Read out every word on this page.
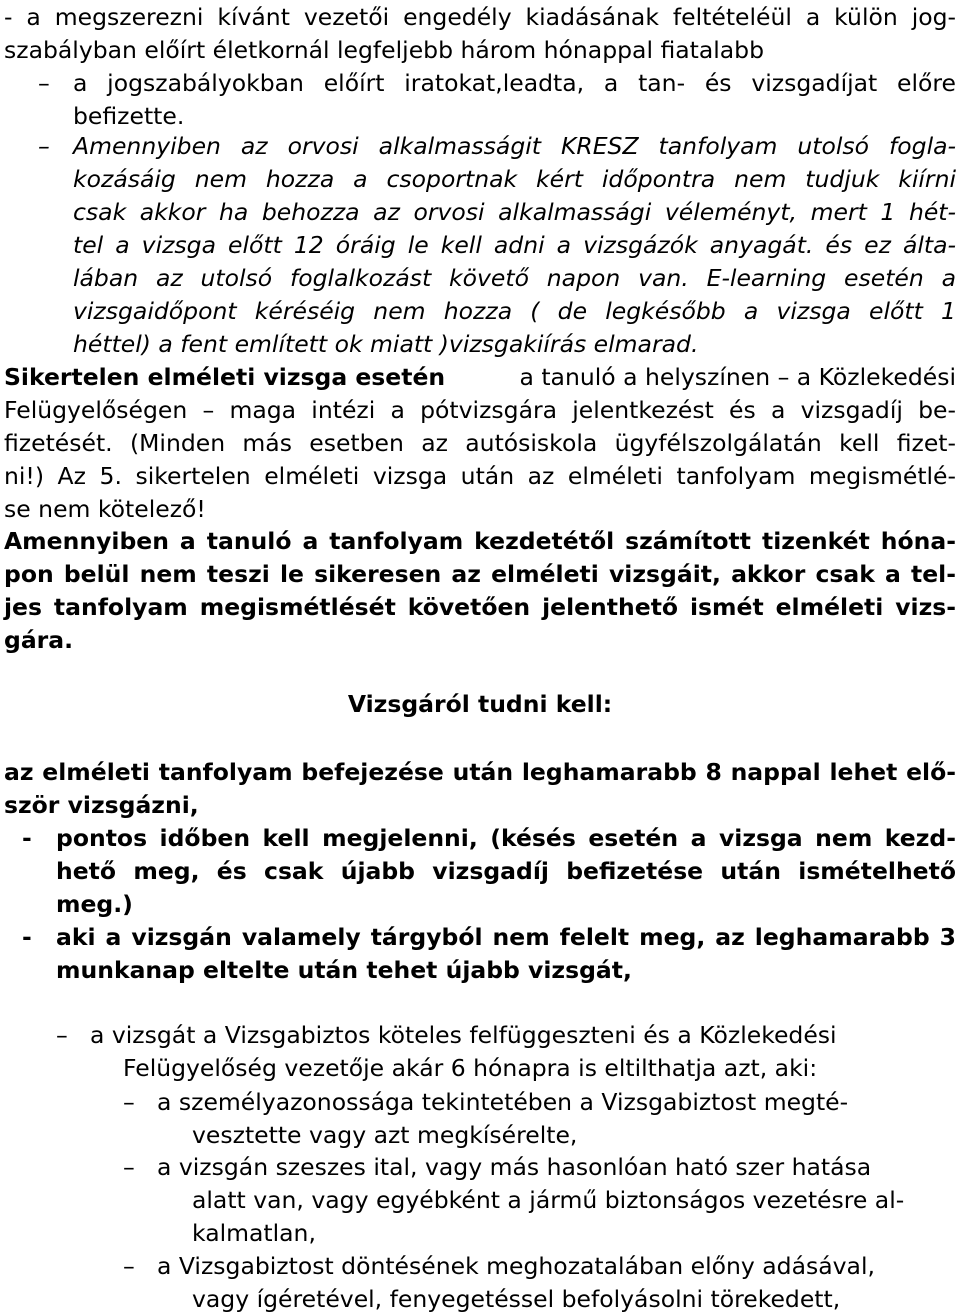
- a megszerezni kívánt vezetői engedély kiadásának feltételéül a külön jog-
szabályban előírt életkornál legfeljebb három hónappal fiatalabb
– a jogszabályokban előírt iratokat,leadta, a tan- és vizsgadíjat előre
befizette.
– Amennyiben az orvosi alkalmasságit KRESZ tanfolyam utolsó fogla-
kozásáig nem hozza a csoportnak kért időpontra nem tudjuk kiírni
csak akkor ha behozza az orvosi alkalmassági véleményt, mert 1 hét-
tel a vizsga előtt 12 óráig le kell adni a vizsgázók anyagát. és ez álta-
lában az utolsó foglalkozást követő napon van. E-learning esetén a
vizsgaidőpont kéréséig nem hozza ( de legkésőbb a vizsga előtt 1
héttel) a fent említett ok miatt )vizsgakiírás elmarad.
Sikertelen elméleti vizsga esetén	a tanuló a helyszínen – a Közlekedési
Felügyelőségen – maga intézi a pótvizsgára jelentkezést és a vizsgadíj be-
fizetését. (Minden más esetben az autósiskola ügyfélszolgálatán kell fizet-
ni!) Az 5. sikertelen elméleti vizsga után az elméleti tanfolyam megismétlé-
se nem kötelező!
Amennyiben a tanuló a tanfolyam kezdetétől számított tizenkét hóna-
pon belül nem teszi le sikeresen az elméleti vizsgáit, akkor csak a tel-
jes tanfolyam megismétlését követően jelenthető ismét elméleti vizs-
gára.
Vizsgáról tudni kell:
az elméleti tanfolyam befejezése után leghamarabb 8 nappal lehet elő-
ször vizsgázni,
- pontos időben kell megjelenni, (késés esetén a vizsga nem kezd-
hető meg, és csak újabb vizsgadíj befizetése után ismételhető
meg.)
- aki a vizsgán valamely tárgyból nem felelt meg, az leghamarabb 3
munkanap eltelte után tehet újabb vizsgát,
– a vizsgát a Vizsgabiztos köteles felfüggeszteni és a Közlekedési
Felügyelőség vezetője akár 6 hónapra is eltilthatja azt, aki:
– a személyazonossága tekintetében a Vizsgabiztost megté-
vesztette vagy azt megkísérelte,
– a vizsgán szeszes ital, vagy más hasonlóan ható szer hatása
alatt van, vagy egyébként a jármű biztonságos vezetésre al-
kalmatlan,
– a Vizsgabiztost döntésének meghozatalában előny adásával,
vagy ígéretével, fenyegetéssel befolyásolni törekedett,
